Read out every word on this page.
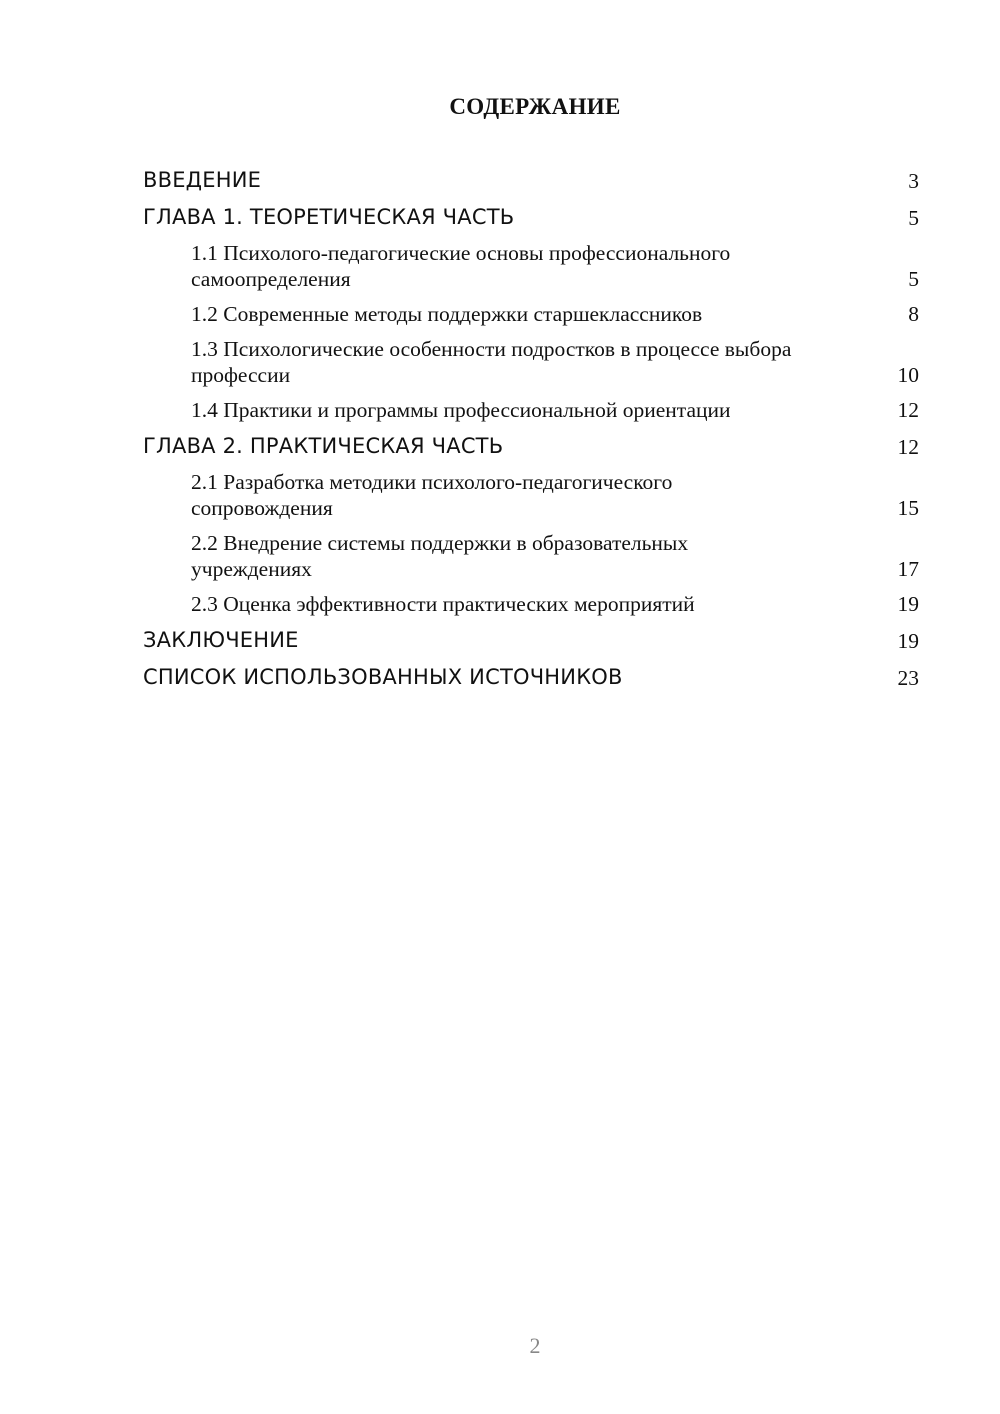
СОДЕРЖАНИЕ
ВВЕДЕНИЕ	3
ГЛАВА 1. ТЕОРЕТИЧЕСКАЯ ЧАСТЬ	5
1.1 Психолого-педагогические основы профессионального самоопределения	5
1.2 Современные методы поддержки старшеклассников	8
1.3 Психологические особенности подростков в процессе выбора профессии	10
1.4 Практики и программы профессиональной ориентации	12
ГЛАВА 2. ПРАКТИЧЕСКАЯ ЧАСТЬ	12
2.1 Разработка методики психолого-педагогического сопровождения	15
2.2 Внедрение системы поддержки в образовательных учреждениях	17
2.3 Оценка эффективности практических мероприятий	19
ЗАКЛЮЧЕНИЕ	19
СПИСОК ИСПОЛЬЗОВАННЫХ ИСТОЧНИКОВ	23
2
